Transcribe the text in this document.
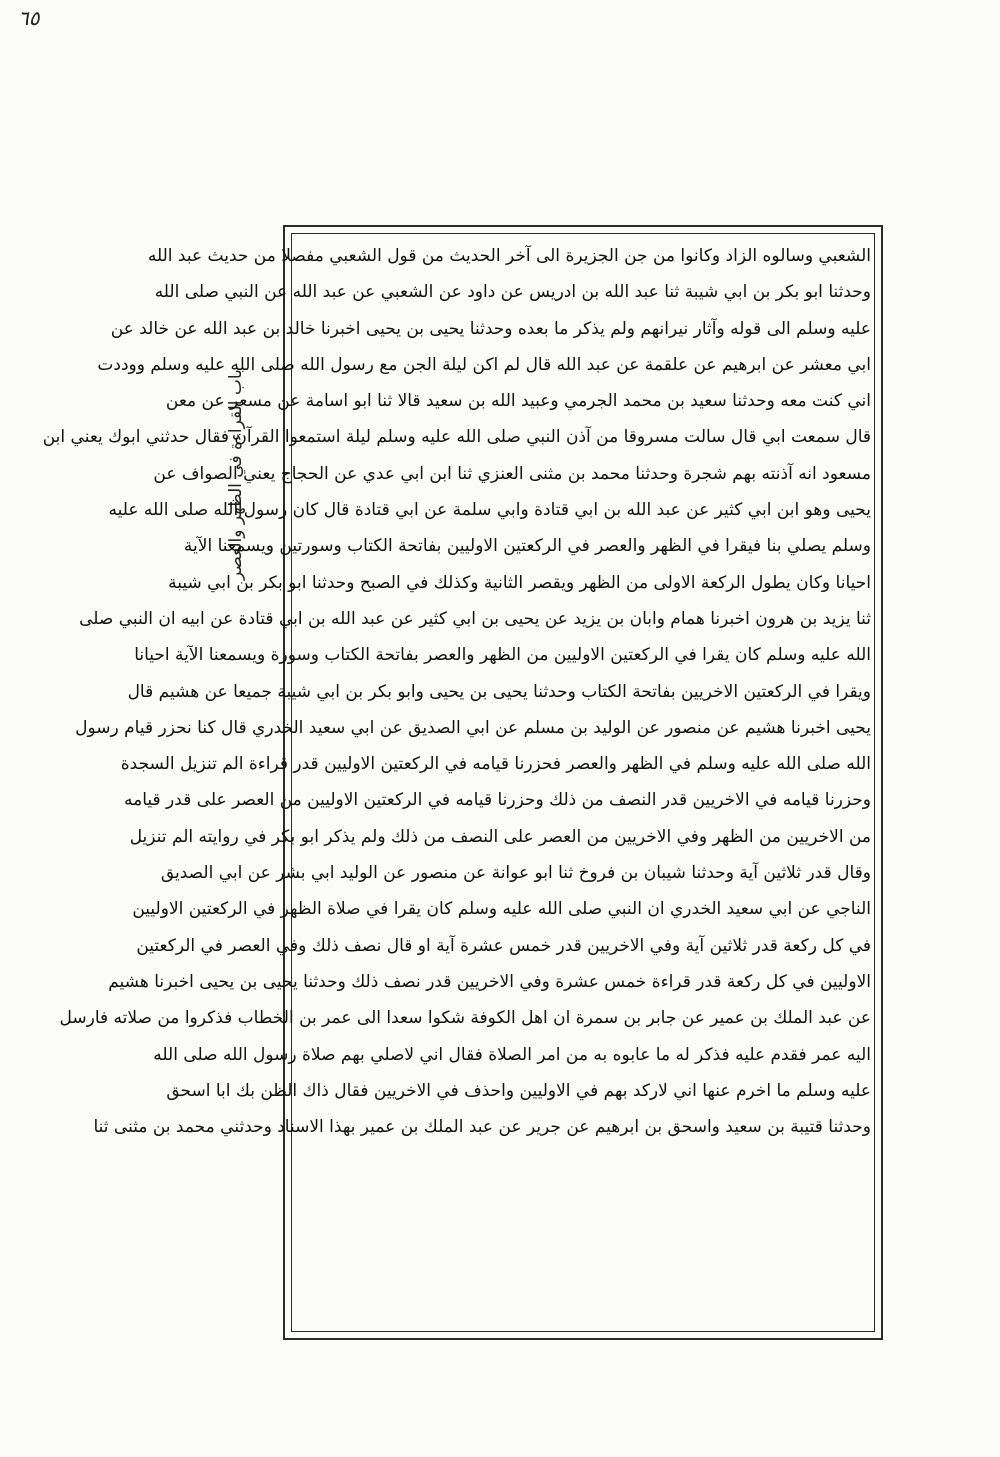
٦٥
باب القراءة في الظهر والعصر
الشعبي وسالوه الزاد وكانوا من جن الجزيرة الى آخر الحديث من قول الشعبي مفصلا من حديث عبد الله
وحدثنا ابو بكر بن ابي شيبة ثنا عبد الله بن ادريس عن داود عن الشعبي عن عبد الله عن النبي صلى الله
عليه وسلم الى قوله وآثار نيرانهم ولم يذكر ما بعده وحدثنا يحيى بن يحيى اخبرنا خالد بن عبد الله عن خالد عن
ابي معشر عن ابرهيم عن علقمة عن عبد الله قال لم اكن ليلة الجن مع رسول الله صلى الله عليه وسلم ووددت
اني كنت معه وحدثنا سعيد بن محمد الجرمي وعبيد الله بن سعيد قالا ثنا ابو اسامة عن مسعر عن معن
قال سمعت ابي قال سالت مسروقا من آذن النبي صلى الله عليه وسلم ليلة استمعوا القرآن فقال حدثني ابوك يعني ابن
مسعود انه آذنته بهم شجرة وحدثنا محمد بن مثنى العنزي ثنا ابن ابي عدي عن الحجاج يعني الصواف عن
يحيى وهو ابن ابي كثير عن عبد الله بن ابي قتادة وابي سلمة عن ابي قتادة قال كان رسول الله صلى الله عليه
وسلم يصلي بنا فيقرا في الظهر والعصر في الركعتين الاوليين بفاتحة الكتاب وسورتين ويسمعنا الآية
احيانا وكان يطول الركعة الاولى من الظهر ويقصر الثانية وكذلك في الصبح وحدثنا ابو بكر بن ابي شيبة
ثنا يزيد بن هرون اخبرنا همام وابان بن يزيد عن يحيى بن ابي كثير عن عبد الله بن ابي قتادة عن ابيه ان النبي صلى
الله عليه وسلم كان يقرا في الركعتين الاوليين من الظهر والعصر بفاتحة الكتاب وسورة ويسمعنا الآية احيانا
ويقرا في الركعتين الاخريين بفاتحة الكتاب وحدثنا يحيى بن يحيى وابو بكر بن ابي شيبة جميعا عن هشيم قال
يحيى اخبرنا هشيم عن منصور عن الوليد بن مسلم عن ابي الصديق عن ابي سعيد الخدري قال كنا نحزر قيام رسول
الله صلى الله عليه وسلم في الظهر والعصر فحزرنا قيامه في الركعتين الاوليين قدر قراءة الم تنزيل السجدة
وحزرنا قيامه في الاخريين قدر النصف من ذلك وحزرنا قيامه في الركعتين الاوليين من العصر على قدر قيامه
من الاخريين من الظهر وفي الاخريين من العصر على النصف من ذلك ولم يذكر ابو بكر في روايته الم تنزيل
وقال قدر ثلاثين آية وحدثنا شيبان بن فروخ ثنا ابو عوانة عن منصور عن الوليد ابي بشر عن ابي الصديق
الناجي عن ابي سعيد الخدري ان النبي صلى الله عليه وسلم كان يقرا في صلاة الظهر في الركعتين الاوليين
في كل ركعة قدر ثلاثين آية وفي الاخريين قدر خمس عشرة آية او قال نصف ذلك وفي العصر في الركعتين
الاوليين في كل ركعة قدر قراءة خمس عشرة وفي الاخريين قدر نصف ذلك وحدثنا يحيى بن يحيى اخبرنا هشيم
عن عبد الملك بن عمير عن جابر بن سمرة ان اهل الكوفة شكوا سعدا الى عمر بن الخطاب فذكروا من صلاته فارسل
اليه عمر فقدم عليه فذكر له ما عابوه به من امر الصلاة فقال اني لاصلي بهم صلاة رسول الله صلى الله
عليه وسلم ما اخرم عنها اني لاركد بهم في الاوليين واحذف في الاخريين فقال ذاك الظن بك ابا اسحق
وحدثنا قتيبة بن سعيد واسحق بن ابرهيم عن جرير عن عبد الملك بن عمير بهذا الاسناد وحدثني محمد بن مثنى ثنا
